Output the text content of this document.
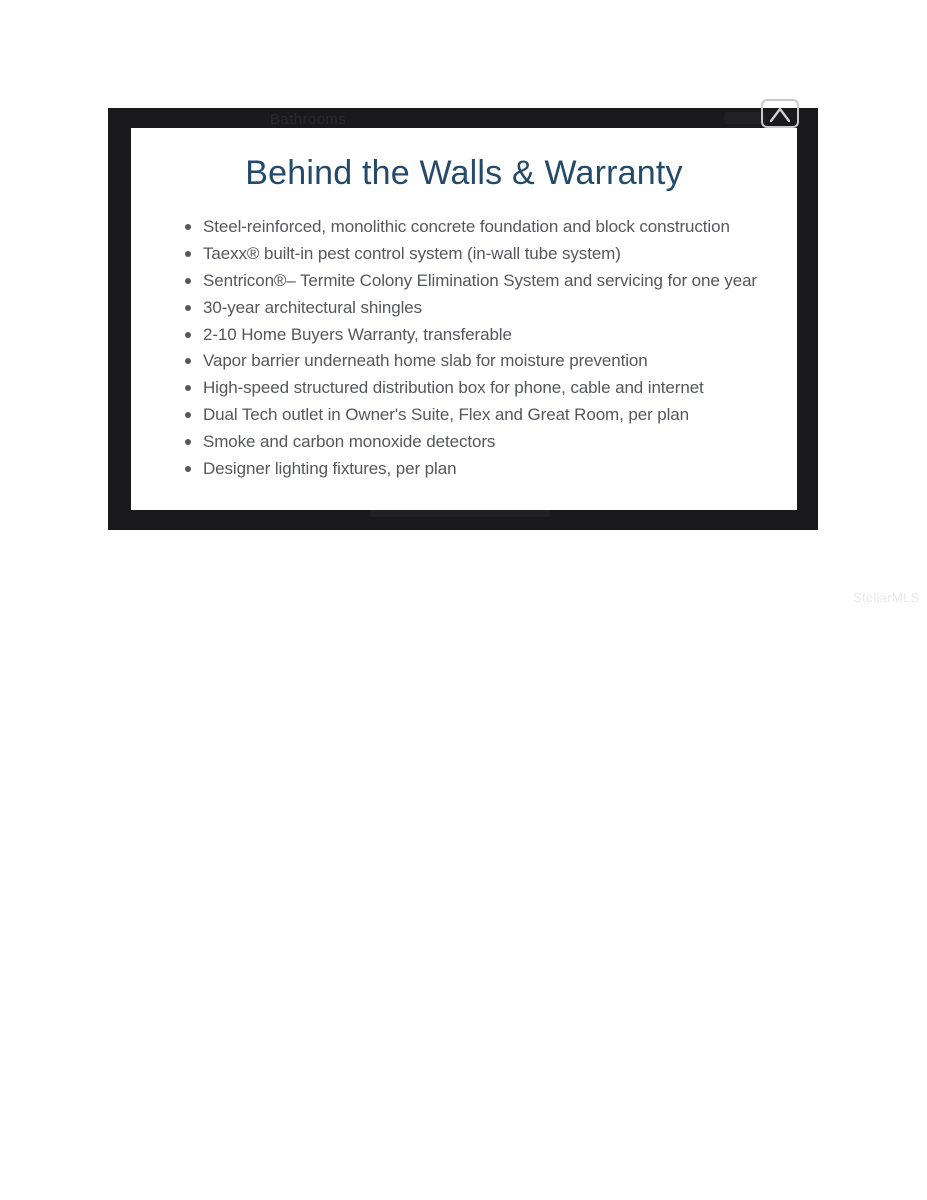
Bathrooms
Behind the Walls & Warranty
Steel-reinforced, monolithic concrete foundation and block construction
Taexx® built-in pest control system (in-wall tube system)
Sentricon®– Termite Colony Elimination System and servicing for one year
30-year architectural shingles
2-10 Home Buyers Warranty, transferable
Vapor barrier underneath home slab for moisture prevention
High-speed structured distribution box for phone, cable and internet
Dual Tech outlet in Owner's Suite, Flex and Great Room, per plan
Smoke and carbon monoxide detectors
Designer lighting fixtures, per plan
StellarMLS
